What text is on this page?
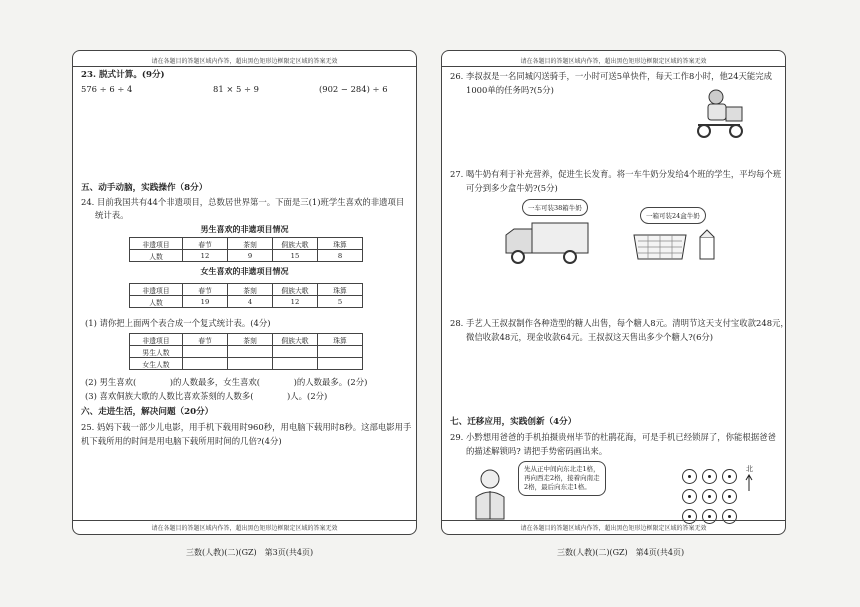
请在各题目的答题区域内作答，超出黑色矩形边框限定区域的答案无效
23. 脱式计算。(9分)
576 ÷ 6 ÷ 4	81 × 5 ÷ 9	(902 − 284) ÷ 6
五、动手动脑，实践操作（8分）
24. 目前我国共有44个非遗项目，总数居世界第一。下面是三(1)班学生喜欢的非遗项目
统计表。
男生喜欢的非遗项目情况
非遗项目	春节	茶刻	侗族大歌	珠算
人数	12	9	15	8
女生喜欢的非遗项目情况
非遗项目	春节	茶刻	侗族大歌	珠算
人数	19	4	12	5
(1) 请你把上面两个表合成一个复式统计表。(4分)
非遗项目	春节	茶刻	侗族大歌	珠算
男生人数				
女生人数				
(2) 男生喜欢(　　　　)的人数最多，女生喜欢(　　　　)的人数最多。(2分)
(3) 喜欢侗族大歌的人数比喜欢茶刻的人数多(　　　　)人。(2分)
六、走进生活，解决问题（20分）
25. 妈妈下载一部少儿电影，用手机下载用时960秒，用电脑下载用时8秒。这部电影用手
机下载所用的时间是用电脑下载所用时间的几倍?(4分)
请在各题目的答题区域内作答，超出黑色矩形边框限定区域的答案无效
三数(人教)(二)(GZ)　第3页(共4页)
请在各题目的答题区域内作答，超出黑色矩形边框限定区域的答案无效
26. 李叔叔是一名同城闪送骑手，一小时可送5单快件，每天工作8小时，他24天能完成
1000单的任务吗?(5分)
27. 喝牛奶有利于补充营养，促进生长发育。将一车牛奶分发给4个班的学生，平均每个班
可分到多少盒牛奶?(5分)
一车可装38箱牛奶
一箱可装24盒牛奶
28. 手艺人王叔叔制作各种造型的糖人出售，每个糖人8元。清明节这天支付宝收款248元，
微信收款48元，现金收款64元。王叔叔这天售出多少个糖人?(6分)
七、迁移应用，实践创新（4分）
29. 小黔想用爸爸的手机拍摄贵州毕节的杜鹃花海，可是手机已经锁屏了，你能根据爸爸
的描述解锁吗? 请把手势密码画出来。
先从正中间向东北走1格，
再向西走2格，接着向南走
2格，最后向东走1格。
北
请在各题目的答题区域内作答，超出黑色矩形边框限定区域的答案无效
三数(人教)(二)(GZ)　第4页(共4页)
